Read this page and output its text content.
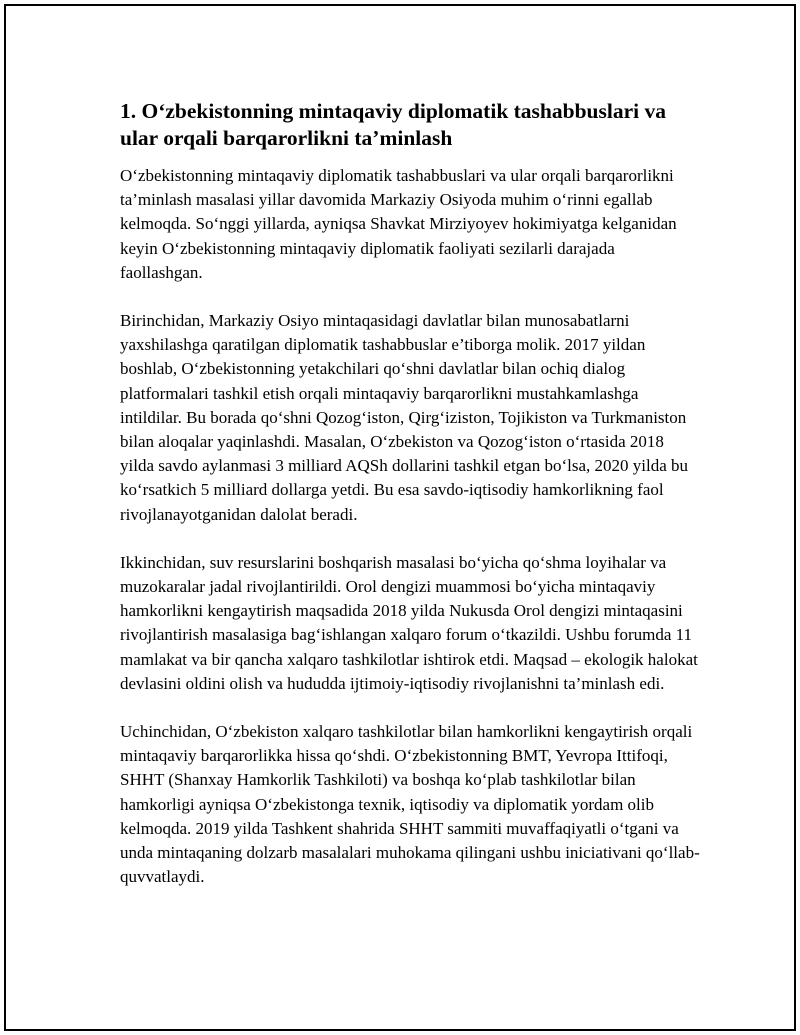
1. O‘zbekistonning mintaqaviy diplomatik tashabbuslari va ular orqali barqarorlikni ta’minlash

O‘zbekistonning mintaqaviy diplomatik tashabbuslari va ular orqali barqarorlikni ta’minlash masalasi yillar davomida Markaziy Osiyoda muhim o‘rinni egallab kelmoqda. So‘nggi yillarda, ayniqsa Shavkat Mirziyoyev hokimiyatga kelganidan keyin O‘zbekistonning mintaqaviy diplomatik faoliyati sezilarli darajada faollashgan.

Birinchidan, Markaziy Osiyo mintaqasidagi davlatlar bilan munosabatlarni yaxshilashga qaratilgan diplomatik tashabbuslar e’tiborga molik. 2017 yildan boshlab, O‘zbekistonning yetakchilari qo‘shni davlatlar bilan ochiq dialog platformalari tashkil etish orqali mintaqaviy barqarorlikni mustahkamlashga intildilar. Bu borada qo‘shni Qozog‘iston, Qirg‘iziston, Tojikiston va Turkmaniston bilan aloqalar yaqinlashdi. Masalan, O‘zbekiston va Qozog‘iston o‘rtasida 2018 yilda savdo aylanmasi 3 milliard AQSh dollarini tashkil etgan bo‘lsa, 2020 yilda bu ko‘rsatkich 5 milliard dollarga yetdi. Bu esa savdo-iqtisodiy hamkorlikning faol rivojlanayotganidan dalolat beradi.

Ikkinchidan, suv resurslarini boshqarish masalasi bo‘yicha qo‘shma loyihalar va muzokaralar jadal rivojlantirildi. Orol dengizi muammosi bo‘yicha mintaqaviy hamkorlikni kengaytirish maqsadida 2018 yilda Nukusda Orol dengizi mintaqasini rivojlantirish masalasiga bag‘ishlangan xalqaro forum o‘tkazildi. Ushbu forumda 11 mamlakat va bir qancha xalqaro tashkilotlar ishtirok etdi. Maqsad – ekologik halokat devlasini oldini olish va hududda ijtimoiy-iqtisodiy rivojlanishni ta’minlash edi.

Uchinchidan, O‘zbekiston xalqaro tashkilotlar bilan hamkorlikni kengaytirish orqali mintaqaviy barqarorlikka hissa qo‘shdi. O‘zbekistonning BMT, Yevropa Ittifoqi, SHHT (Shanxay Hamkorlik Tashkiloti) va boshqa ko‘plab tashkilotlar bilan hamkorligi ayniqsa O‘zbekistonga texnik, iqtisodiy va diplomatik yordam olib kelmoqda. 2019 yilda Tashkent shahrida SHHT sammiti muvaffaqiyatli o‘tgani va unda mintaqaning dolzarb masalalari muhokama qilingani ushbu iniciativani qo‘llab-quvvatlaydi.
